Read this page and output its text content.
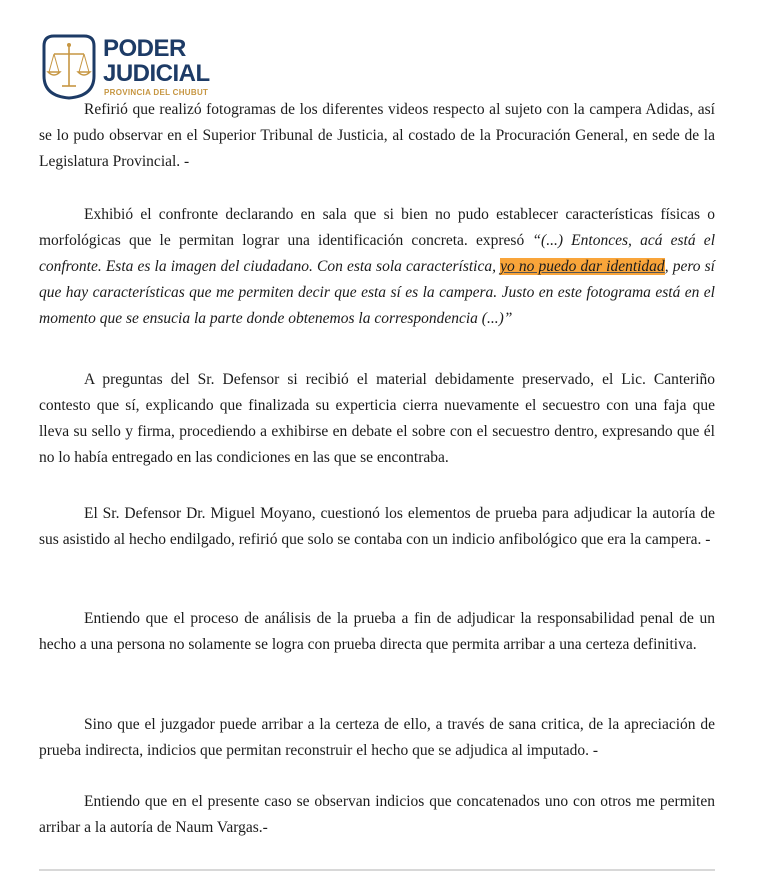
PODER
JUDICIAL
PROVINCIA DEL CHUBUT

Refirió que realizó fotogramas de los diferentes videos respecto al sujeto con la campera Adidas, así se lo pudo observar en el Superior Tribunal de Justicia, al costado de la Procuración General, en sede de la Legislatura Provincial. -

Exhibió el confronte declarando en sala que si bien no pudo establecer características físicas o morfológicas que le permitan lograr una identificación concreta. expresó “(...) Entonces, acá está el confronte. Esta es la imagen del ciudadano. Con esta sola característica, yo no puedo dar identidad, pero sí que hay características que me permiten decir que esta sí es la campera. Justo en este fotograma está en el momento que se ensucia la parte donde obtenemos la correspondencia (...)”

A preguntas del Sr. Defensor si recibió el material debidamente preservado, el Lic. Canteriño contesto que sí, explicando que finalizada su experticia cierra nuevamente el secuestro con una faja que lleva su sello y firma, procediendo a exhibirse en debate el sobre con el secuestro dentro, expresando que él no lo había entregado en las condiciones en las que se encontraba.

El Sr. Defensor Dr. Miguel Moyano, cuestionó los elementos de prueba para adjudicar la autoría de sus asistido al hecho endilgado, refirió que solo se contaba con un indicio anfibológico que era la campera. -

Entiendo que el proceso de análisis de la prueba a fin de adjudicar la responsabilidad penal de un hecho a una persona no solamente se logra con prueba directa que permita arribar a una certeza definitiva.

Sino que el juzgador puede arribar a la certeza de ello, a través de sana critica, de la apreciación de prueba indirecta, indicios que permitan reconstruir el hecho que se adjudica al imputado. -

Entiendo que en el presente caso se observan indicios que concatenados uno con otros me permiten arribar a la autoría de Naum Vargas.-
